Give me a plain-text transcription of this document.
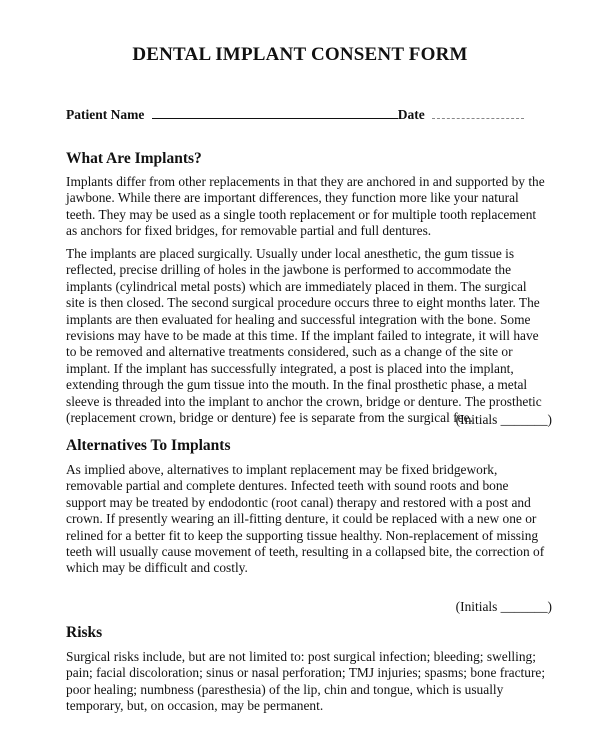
DENTAL IMPLANT CONSENT FORM
Patient Name	Date
What Are Implants?
Implants differ from other replacements in that they are anchored in and supported by the
jawbone. While there are important differences, they function more like your natural
teeth. They may be used as a single tooth replacement or for multiple tooth replacement
as anchors for fixed bridges, for removable partial and full dentures.
The implants are placed surgically. Usually under local anesthetic, the gum tissue is
reflected, precise drilling of holes in the jawbone is performed to accommodate the
implants (cylindrical metal posts) which are immediately placed in them. The surgical
site is then closed. The second surgical procedure occurs three to eight months later. The
implants are then evaluated for healing and successful integration with the bone. Some
revisions may have to be made at this time. If the implant failed to integrate, it will have
to be removed and alternative treatments considered, such as a change of the site or
implant. If the implant has successfully integrated, a post is placed into the implant,
extending through the gum tissue into the mouth. In the final prosthetic phase, a metal
sleeve is threaded into the implant to anchor the crown, bridge or denture. The prosthetic
(replacement crown, bridge or denture) fee is separate from the surgical fee.
(Initials _______)
Alternatives To Implants
As implied above, alternatives to implant replacement may be fixed bridgework,
removable partial and complete dentures. Infected teeth with sound roots and bone
support may be treated by endodontic (root canal) therapy and restored with a post and
crown. If presently wearing an ill-fitting denture, it could be replaced with a new one or
relined for a better fit to keep the supporting tissue healthy. Non-replacement of missing
teeth will usually cause movement of teeth, resulting in a collapsed bite, the correction of
which may be difficult and costly.
(Initials _______)
Risks
Surgical risks include, but are not limited to: post surgical infection; bleeding; swelling;
pain; facial discoloration; sinus or nasal perforation; TMJ injuries; spasms; bone fracture;
poor healing; numbness (paresthesia) of the lip, chin and tongue, which is usually
temporary, but, on occasion, may be permanent.
